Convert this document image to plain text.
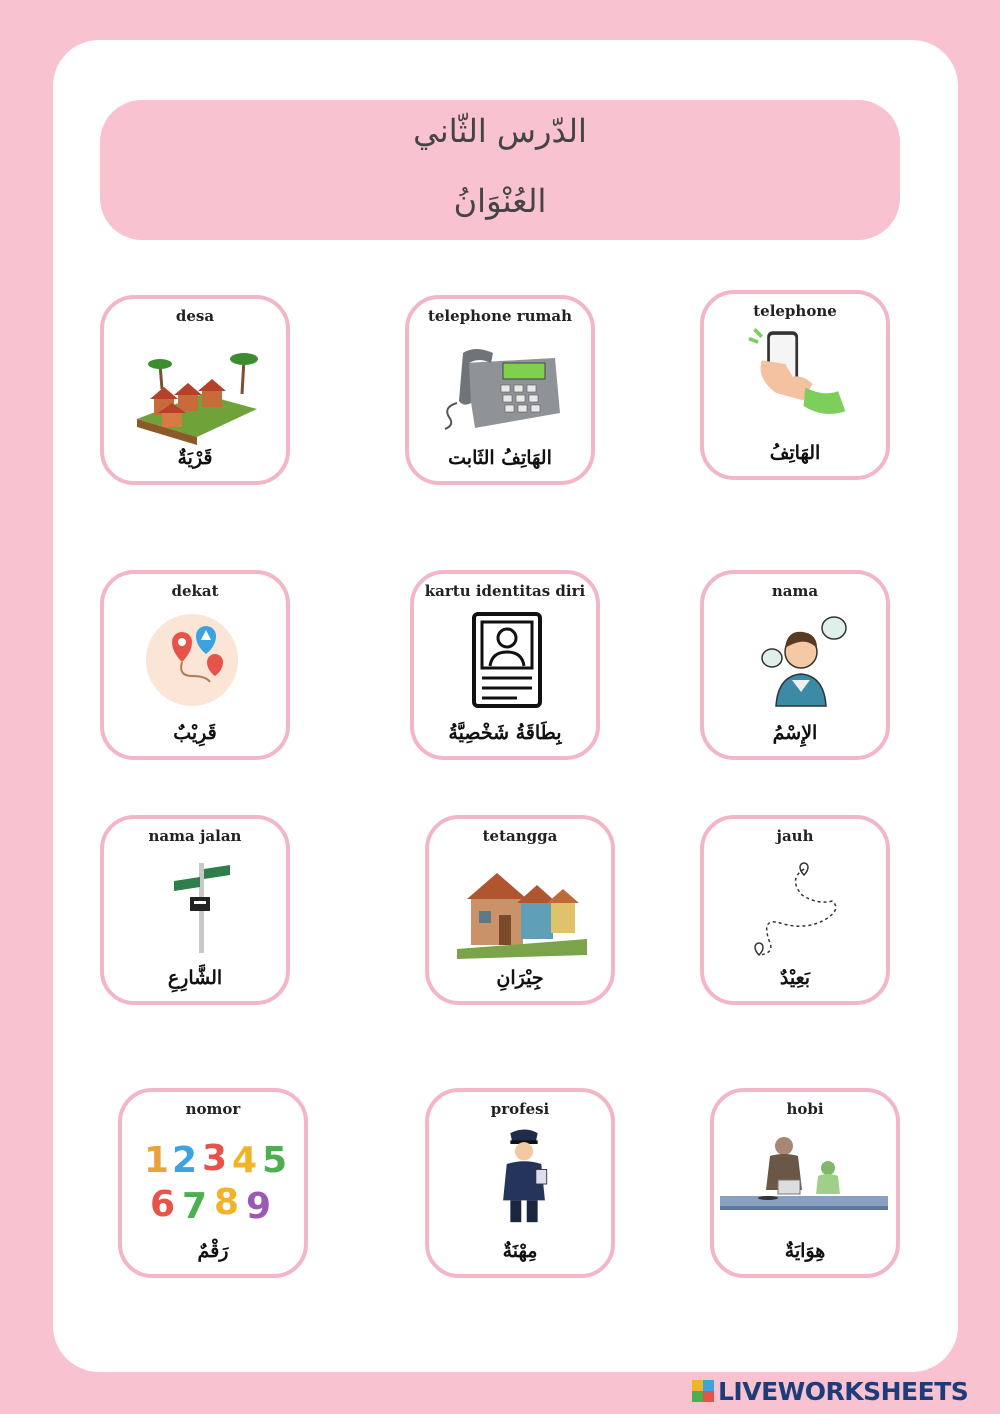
الدّرس الثّاني
العُنْوَانُ
desa
قَرْيَةٌ
telephone rumah
الهَاتِفُ الثَابت
telephone
الهَاتِفُ
dekat
قَرِيْبٌ
kartu identitas diri
بِطَاقَةُ شَخْصِيَّةُ
nama
الإِسْمُ
nama jalan
الشَّارِعِ
tetangga
جِيْرَانِ
jauh
بَعِيْدٌ
nomor
1 2 3 4 5
6 7 8 9
رَقْمٌ
profesi
مِهْنَةٌ
hobi
هِوَايَةٌ
LIVEWORKSHEETS
